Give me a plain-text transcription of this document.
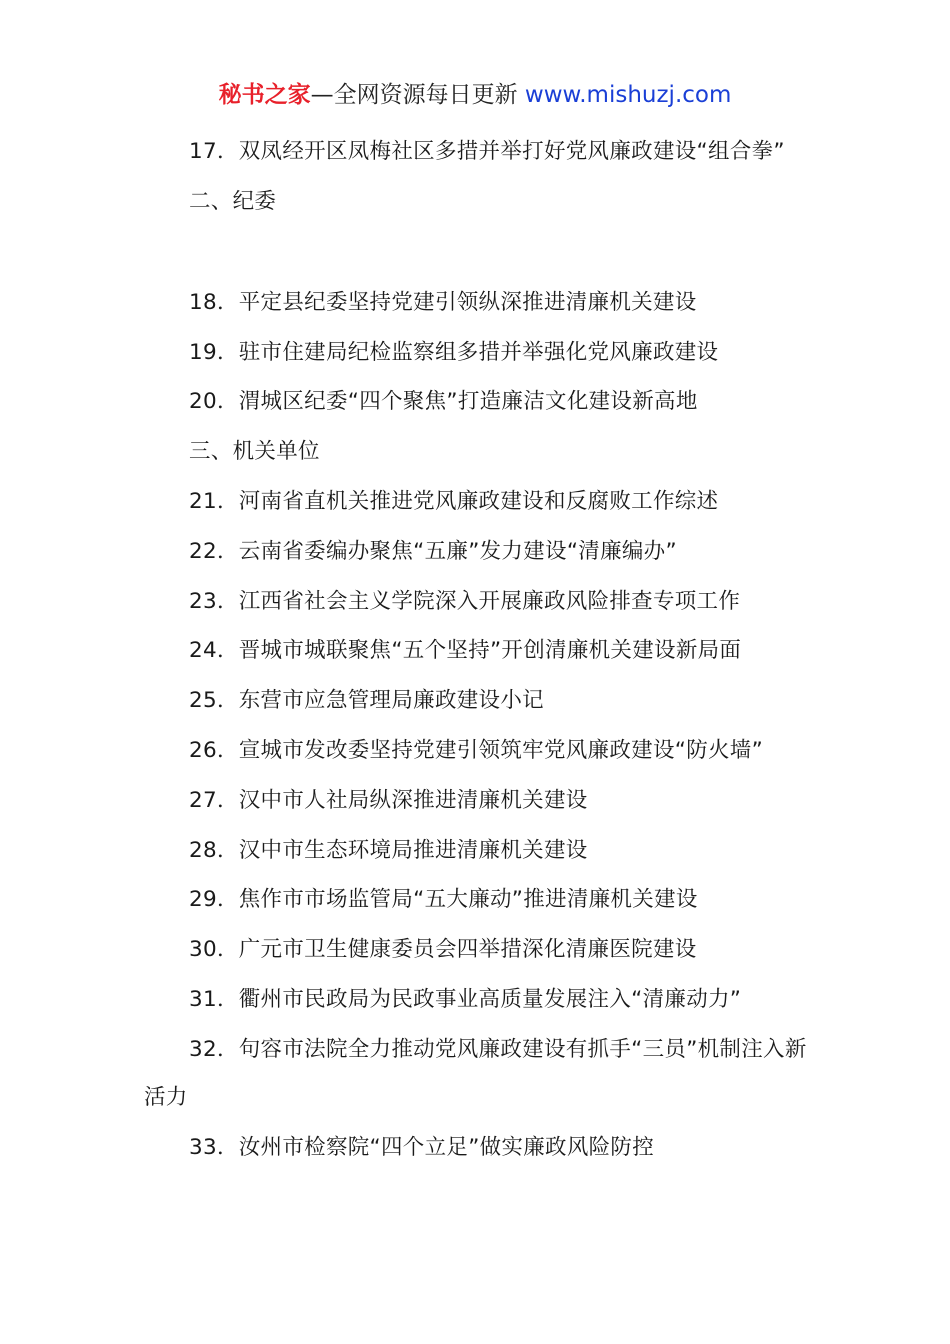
秘书之家—全网资源每日更新 www.mishuzj.com

17．双凤经开区凤梅社区多措并举打好党风廉政建设“组合拳”

二、纪委

18．平定县纪委坚持党建引领纵深推进清廉机关建设

19．驻市住建局纪检监察组多措并举强化党风廉政建设

20．渭城区纪委“四个聚焦”打造廉洁文化建设新高地

三、机关单位

21．河南省直机关推进党风廉政建设和反腐败工作综述

22．云南省委编办聚焦“五廉”发力建设“清廉编办”

23．江西省社会主义学院深入开展廉政风险排查专项工作

24．晋城市城联聚焦“五个坚持”开创清廉机关建设新局面

25．东营市应急管理局廉政建设小记

26．宣城市发改委坚持党建引领筑牢党风廉政建设“防火墙”

27．汉中市人社局纵深推进清廉机关建设

28．汉中市生态环境局推进清廉机关建设

29．焦作市市场监管局“五大廉动”推进清廉机关建设

30．广元市卫生健康委员会四举措深化清廉医院建设

31．衢州市民政局为民政事业高质量发展注入“清廉动力”

32．句容市法院全力推动党风廉政建设有抓手“三员”机制注入新活力

33．汝州市检察院“四个立足”做实廉政风险防控
